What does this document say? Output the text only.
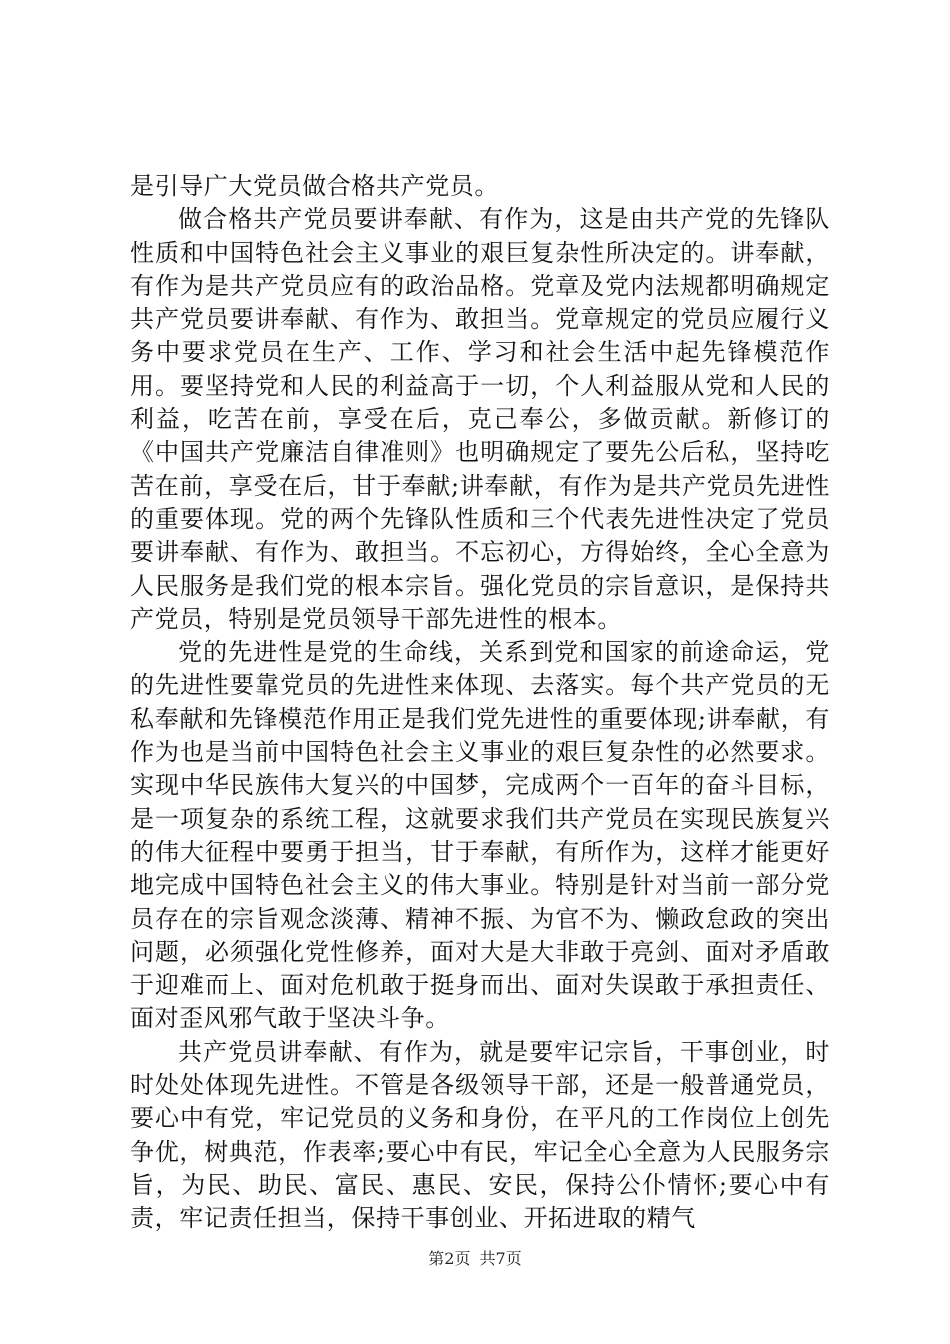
是引导广大党员做合格共产党员。

做合格共产党员要讲奉献、有作为，这是由共产党的先锋队性质和中国特色社会主义事业的艰巨复杂性所决定的。讲奉献，有作为是共产党员应有的政治品格。党章及党内法规都明确规定共产党员要讲奉献、有作为、敢担当。党章规定的党员应履行义务中要求党员在生产、工作、学习和社会生活中起先锋模范作用。要坚持党和人民的利益高于一切，个人利益服从党和人民的利益，吃苦在前，享受在后，克己奉公，多做贡献。新修订的《中国共产党廉洁自律准则》也明确规定了要先公后私，坚持吃苦在前，享受在后，甘于奉献;讲奉献，有作为是共产党员先进性的重要体现。党的两个先锋队性质和三个代表先进性决定了党员要讲奉献、有作为、敢担当。不忘初心，方得始终，全心全意为人民服务是我们党的根本宗旨。强化党员的宗旨意识，是保持共产党员，特别是党员领导干部先进性的根本。

党的先进性是党的生命线，关系到党和国家的前途命运，党的先进性要靠党员的先进性来体现、去落实。每个共产党员的无私奉献和先锋模范作用正是我们党先进性的重要体现;讲奉献，有作为也是当前中国特色社会主义事业的艰巨复杂性的必然要求。实现中华民族伟大复兴的中国梦，完成两个一百年的奋斗目标，是一项复杂的系统工程，这就要求我们共产党员在实现民族复兴的伟大征程中要勇于担当，甘于奉献，有所作为，这样才能更好地完成中国特色社会主义的伟大事业。特别是针对当前一部分党员存在的宗旨观念淡薄、精神不振、为官不为、懒政怠政的突出问题，必须强化党性修养，面对大是大非敢于亮剑、面对矛盾敢于迎难而上、面对危机敢于挺身而出、面对失误敢于承担责任、面对歪风邪气敢于坚决斗争。

共产党员讲奉献、有作为，就是要牢记宗旨，干事创业，时时处处体现先进性。不管是各级领导干部，还是一般普通党员，要心中有党，牢记党员的义务和身份，在平凡的工作岗位上创先争优，树典范，作表率;要心中有民，牢记全心全意为人民服务宗旨，为民、助民、富民、惠民、安民，保持公仆情怀;要心中有责，牢记责任担当，保持干事创业、开拓进取的精气

第2页 共7页
